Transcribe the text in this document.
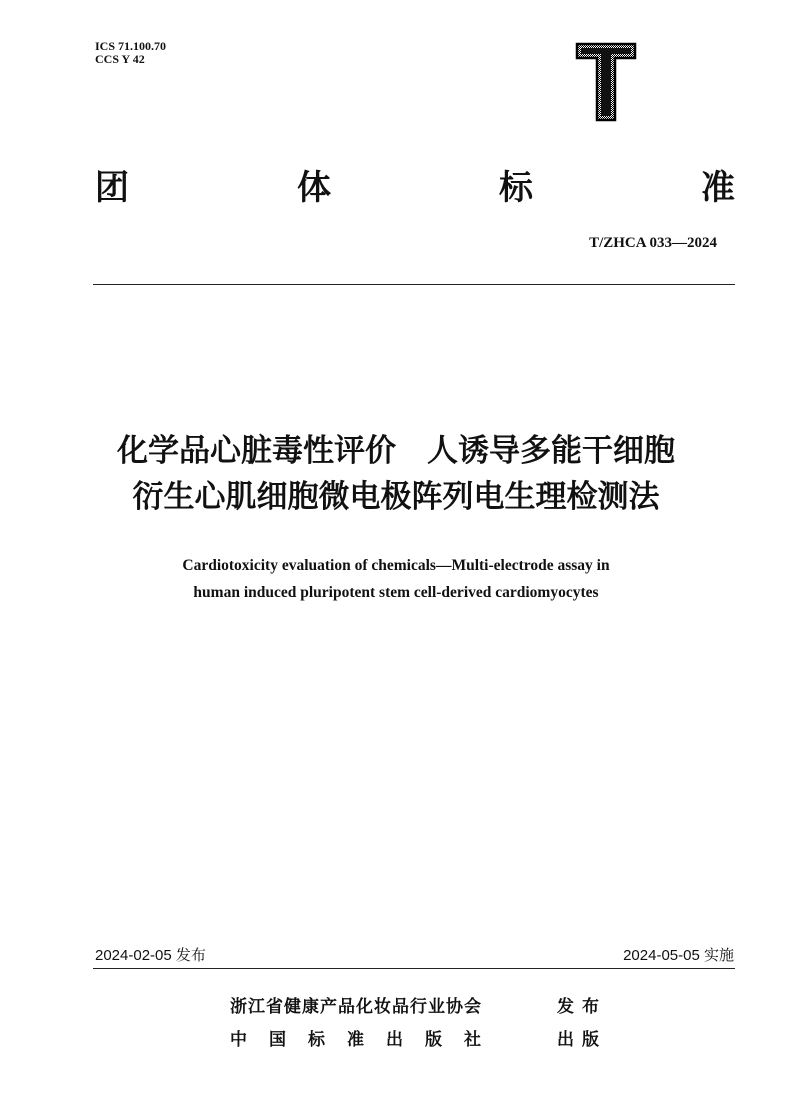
ICS 71.100.70
CCS Y 42
团	体	标	准
T/ZHCA 033—2024
化学品心脏毒性评价　人诱导多能干细胞
衍生心肌细胞微电极阵列电生理检测法
Cardiotoxicity evaluation of chemicals—Multi-electrode assay in
human induced pluripotent stem cell-derived cardiomyocytes
2024-02-05 发布	2024-05-05 实施
浙江省健康产品化妆品行业协会	发布
中国标准出版社	出版
